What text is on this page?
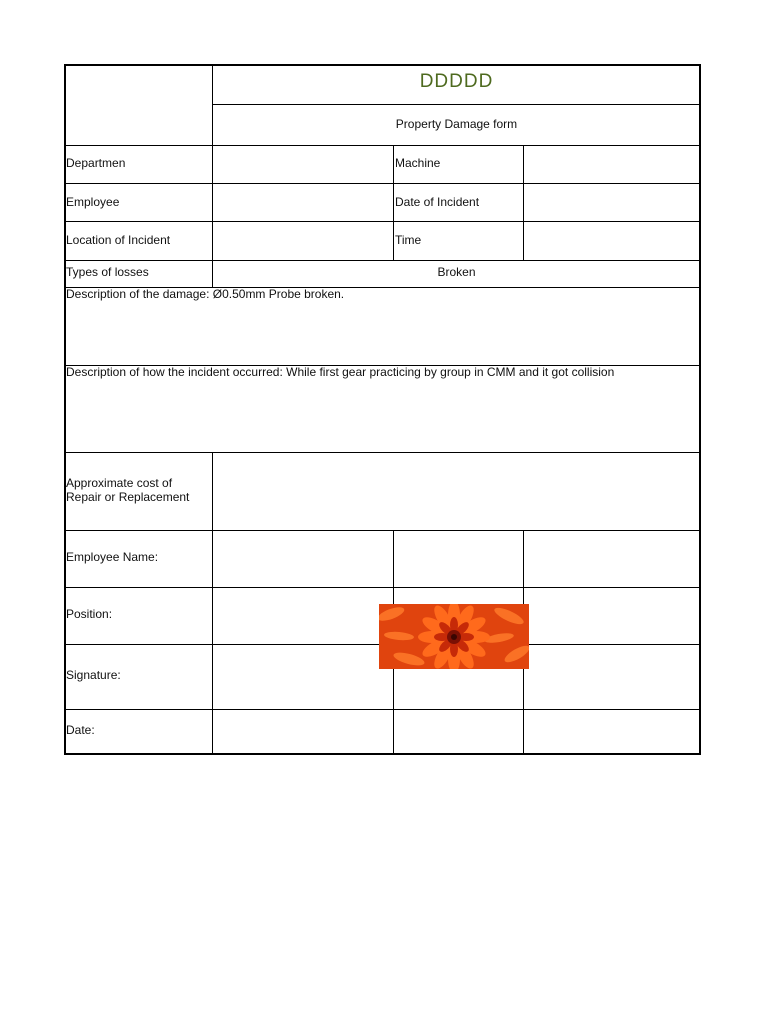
DDDDD
Property Damage form
Departmen	Machine
Employee	Date of Incident
Location of Incident	Time
Types of losses	Broken
Description of the damage: Ø0.50mm Probe broken.
Description of how the incident occurred: While first gear practicing by group in CMM and it got collision
Approximate cost of
Repair or Replacement
Employee Name:
Position:
Signature:
Date:
